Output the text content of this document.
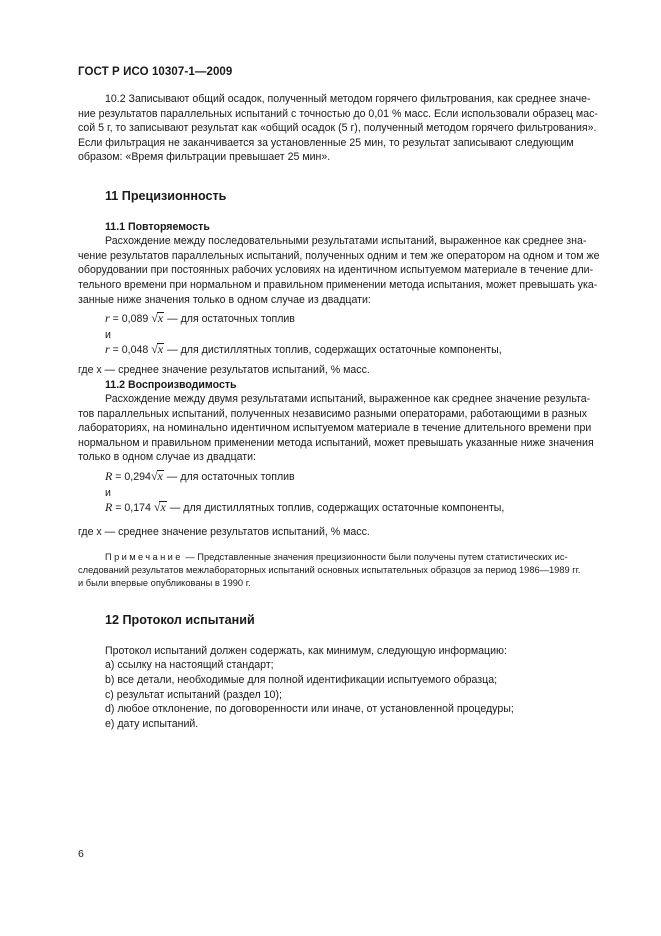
ГОСТ Р ИСО 10307-1—2009

10.2 Записывают общий осадок, полученный методом горячего фильтрования, как среднее значе-

ние результатов параллельных испытаний с точностью до 0,01 % масс. Если использовали образец мас-

сой 5 г, то записывают результат как «общий осадок (5 г), полученный методом горячего фильтрования».

Если фильтрация не заканчивается за установленные 25 мин, то результат записывают следующим

образом: «Время фильтрации превышает 25 мин».

11 Прецизионность

11.1 Повторяемость

Расхождение между последовательными результатами испытаний, выраженное как среднее зна-

чение результатов параллельных испытаний, полученных одним и тем же оператором на одном и том же

оборудовании при постоянных рабочих условиях на идентичном испытуемом материале в течение дли-

тельного времени при нормальном и правильном применении метода испытания, может превышать ука-

занные ниже значения только в одном случае из двадцати:

r = 0,089 √x — для остаточных топлив

и

r = 0,048 √x — для дистиллятных топлив, содержащих остаточные компоненты,

где x — среднее значение результатов испытаний, % масс.

11.2 Воспроизводимость

Расхождение между двумя результатами испытаний, выраженное как среднее значение результа-

тов параллельных испытаний, полученных независимо разными операторами, работающими в разных

лабораториях, на номинально идентичном испытуемом материале в течение длительного времени при

нормальном и правильном применении метода испытаний, может превышать указанные ниже значения

только в одном случае из двадцати:

R = 0,294√x — для остаточных топлив

и

R = 0,174 √x — для дистиллятных топлив, содержащих остаточные компоненты,

где x — среднее значение результатов испытаний, % масс.

Примечание — Представленные значения прецизионности были получены путем статистических ис-

следований результатов межлабораторных испытаний основных испытательных образцов за период 1986—1989 гг.

и были впервые опубликованы в 1990 г.

12 Протокол испытаний

Протокол испытаний должен содержать, как минимум, следующую информацию:

a) ссылку на настоящий стандарт;

b) все детали, необходимые для полной идентификации испытуемого образца;

c) результат испытаний (раздел 10);

d) любое отклонение, по договоренности или иначе, от установленной процедуры;

e) дату испытаний.

6
